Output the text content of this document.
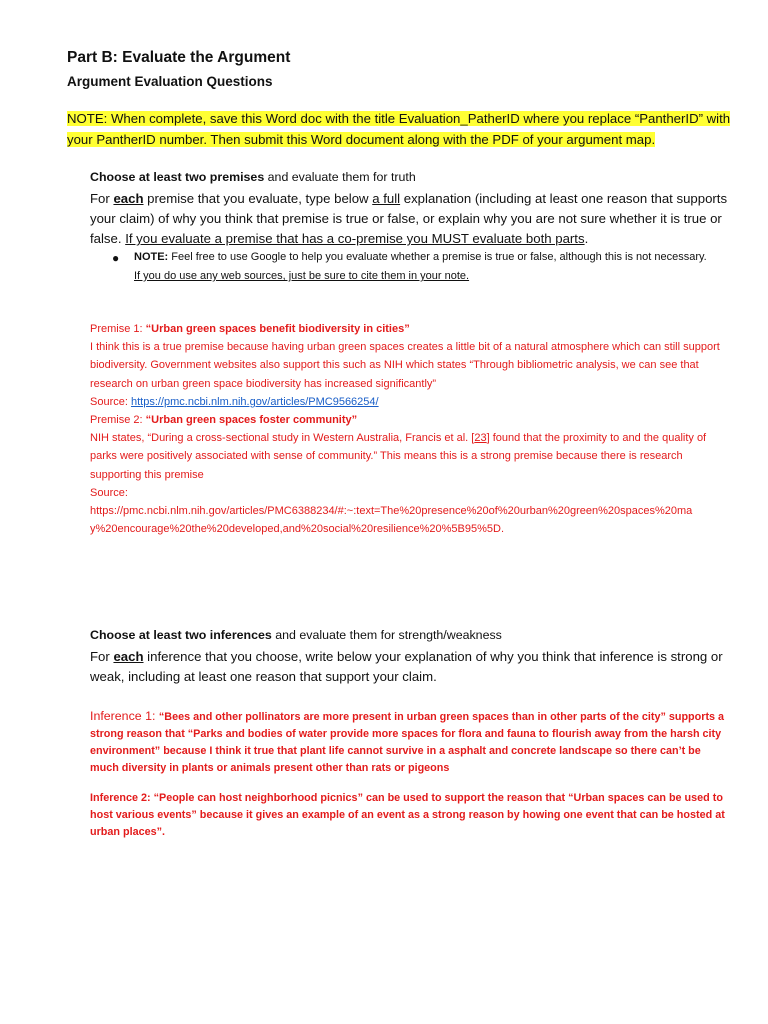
Part B: Evaluate the Argument
Argument Evaluation Questions
NOTE: When complete, save this Word doc with the title Evaluation_PatherID where you replace “PantherID” with
your PantherID number. Then submit this Word document along with the PDF of your argument map.
Choose at least two premises and evaluate them for truth
For each premise that you evaluate, type below a full explanation (including at least one reason that supports your claim) of why you think that premise is true or false, or explain why you are not sure whether it is true or false. If you evaluate a premise that has a co-premise you MUST evaluate both parts.
● NOTE: Feel free to use Google to help you evaluate whether a premise is true or false, although this is not necessary. If you do use any web sources, just be sure to cite them in your note.
Premise 1: “Urban green spaces benefit biodiversity in cities”
I think this is a true premise because having urban green spaces creates a little bit of a natural atmosphere which can still support biodiversity. Government websites also support this such as NIH which states “Through bibliometric analysis, we can see that research on urban green space biodiversity has increased significantly”
Source: https://pmc.ncbi.nlm.nih.gov/articles/PMC9566254/
Premise 2: “Urban green spaces foster community”
NIH states, “During a cross-sectional study in Western Australia, Francis et al. [23] found that the proximity to and the quality of parks were positively associated with sense of community.” This means this is a strong premise because there is research supporting this premise
Source:

https://pmc.ncbi.nlm.nih.gov/articles/PMC6388234/#:~:text=The%20presence%20of%20urban%20green%20spaces%20ma
y%20encourage%20the%20developed,and%20social%20resilience%20%5B95%5D.
Choose at least two inferences and evaluate them for strength/weakness
For each inference that you choose, write below your explanation of why you think that inference is strong or weak, including at least one reason that support your claim.
Inference 1: “Bees and other pollinators are more present in urban green spaces than in other parts of the city” supports a strong reason that “Parks and bodies of water provide more spaces for flora and fauna to flourish away from the harsh city environment” because I think it true that plant life cannot survive in a asphalt and concrete landscape so there can’t be much diversity in plants or animals present other than rats or pigeons
Inference 2: “People can host neighborhood picnics” can be used to support the reason that “Urban spaces can be used to host various events” because it gives an example of an event as a strong reason by howing one event that can be hosted at urban places”.
